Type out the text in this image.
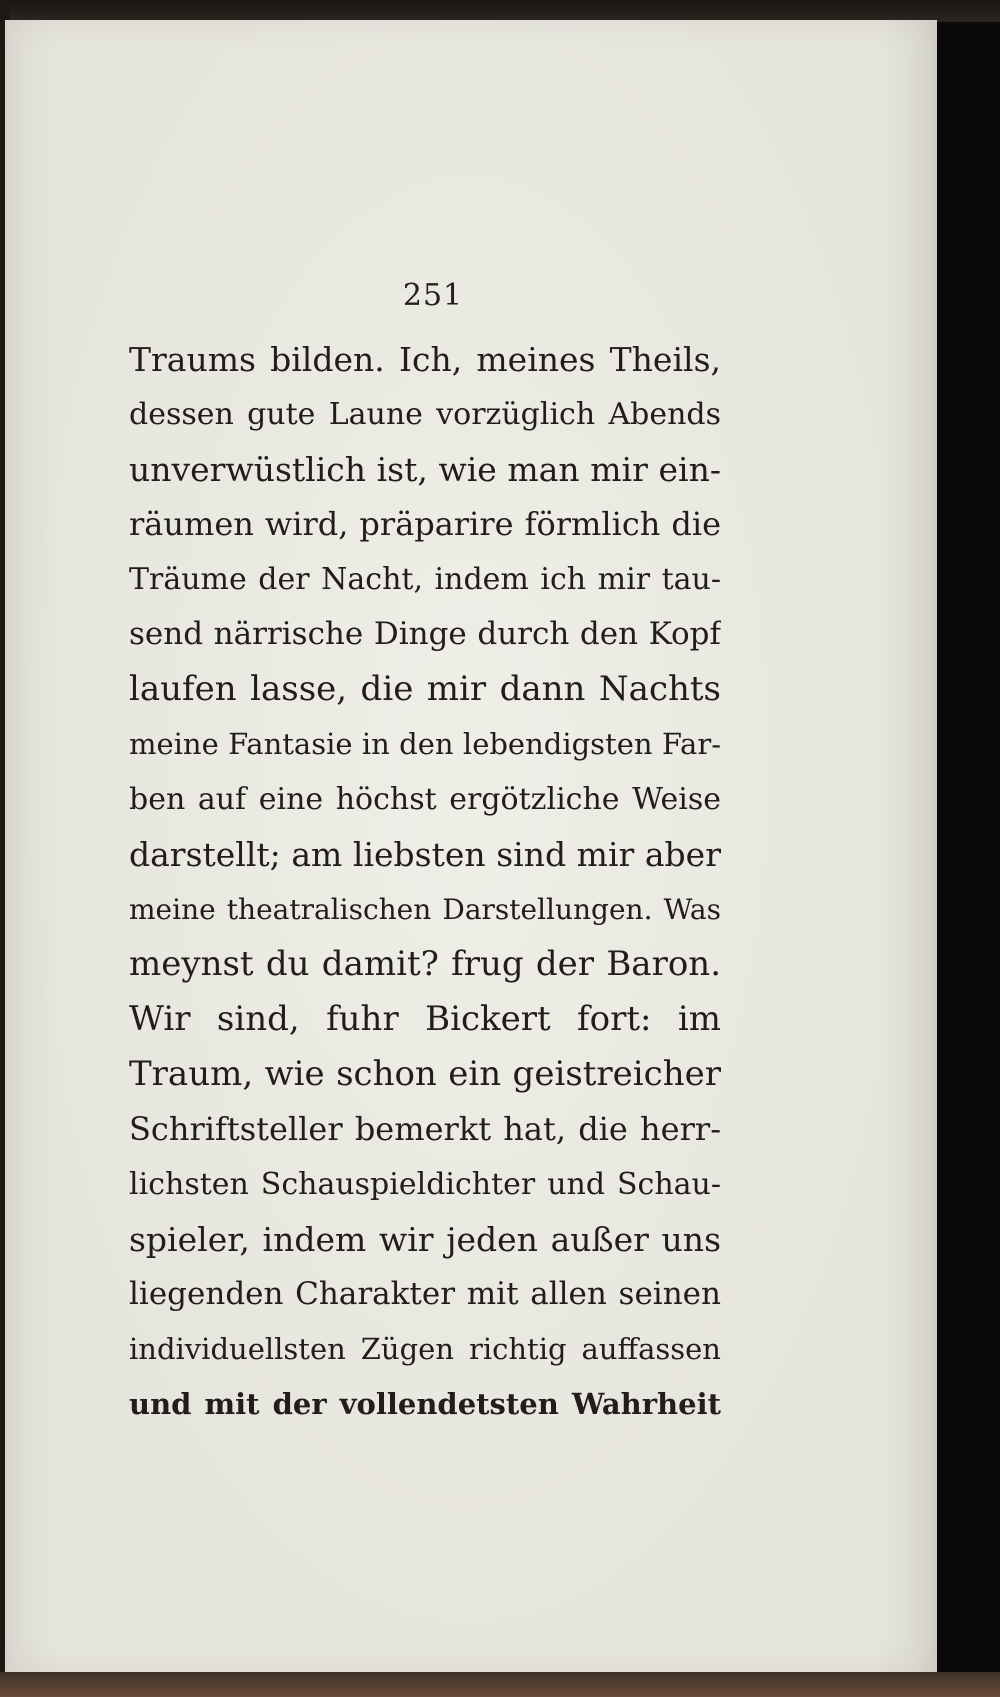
251
Traums bilden. Ich, meines Theils,
dessen gute Laune vorzüglich Abends
unverwüstlich ist, wie man mir ein-
räumen wird, präparire förmlich die
Träume der Nacht, indem ich mir tau-
send närrische Dinge durch den Kopf
laufen lasse, die mir dann Nachts
meine Fantasie in den lebendigsten Far-
ben auf eine höchst ergötzliche Weise
darstellt; am liebsten sind mir aber
meine theatralischen Darstellungen. Was
meynst du damit? frug der Baron.
Wir sind, fuhr Bickert fort: im
Traum, wie schon ein geistreicher
Schriftsteller bemerkt hat, die herr-
lichsten Schauspieldichter und Schau-
spieler, indem wir jeden außer uns
liegenden Charakter mit allen seinen
individuellsten Zügen richtig auffassen
und mit der vollendetsten Wahrheit
